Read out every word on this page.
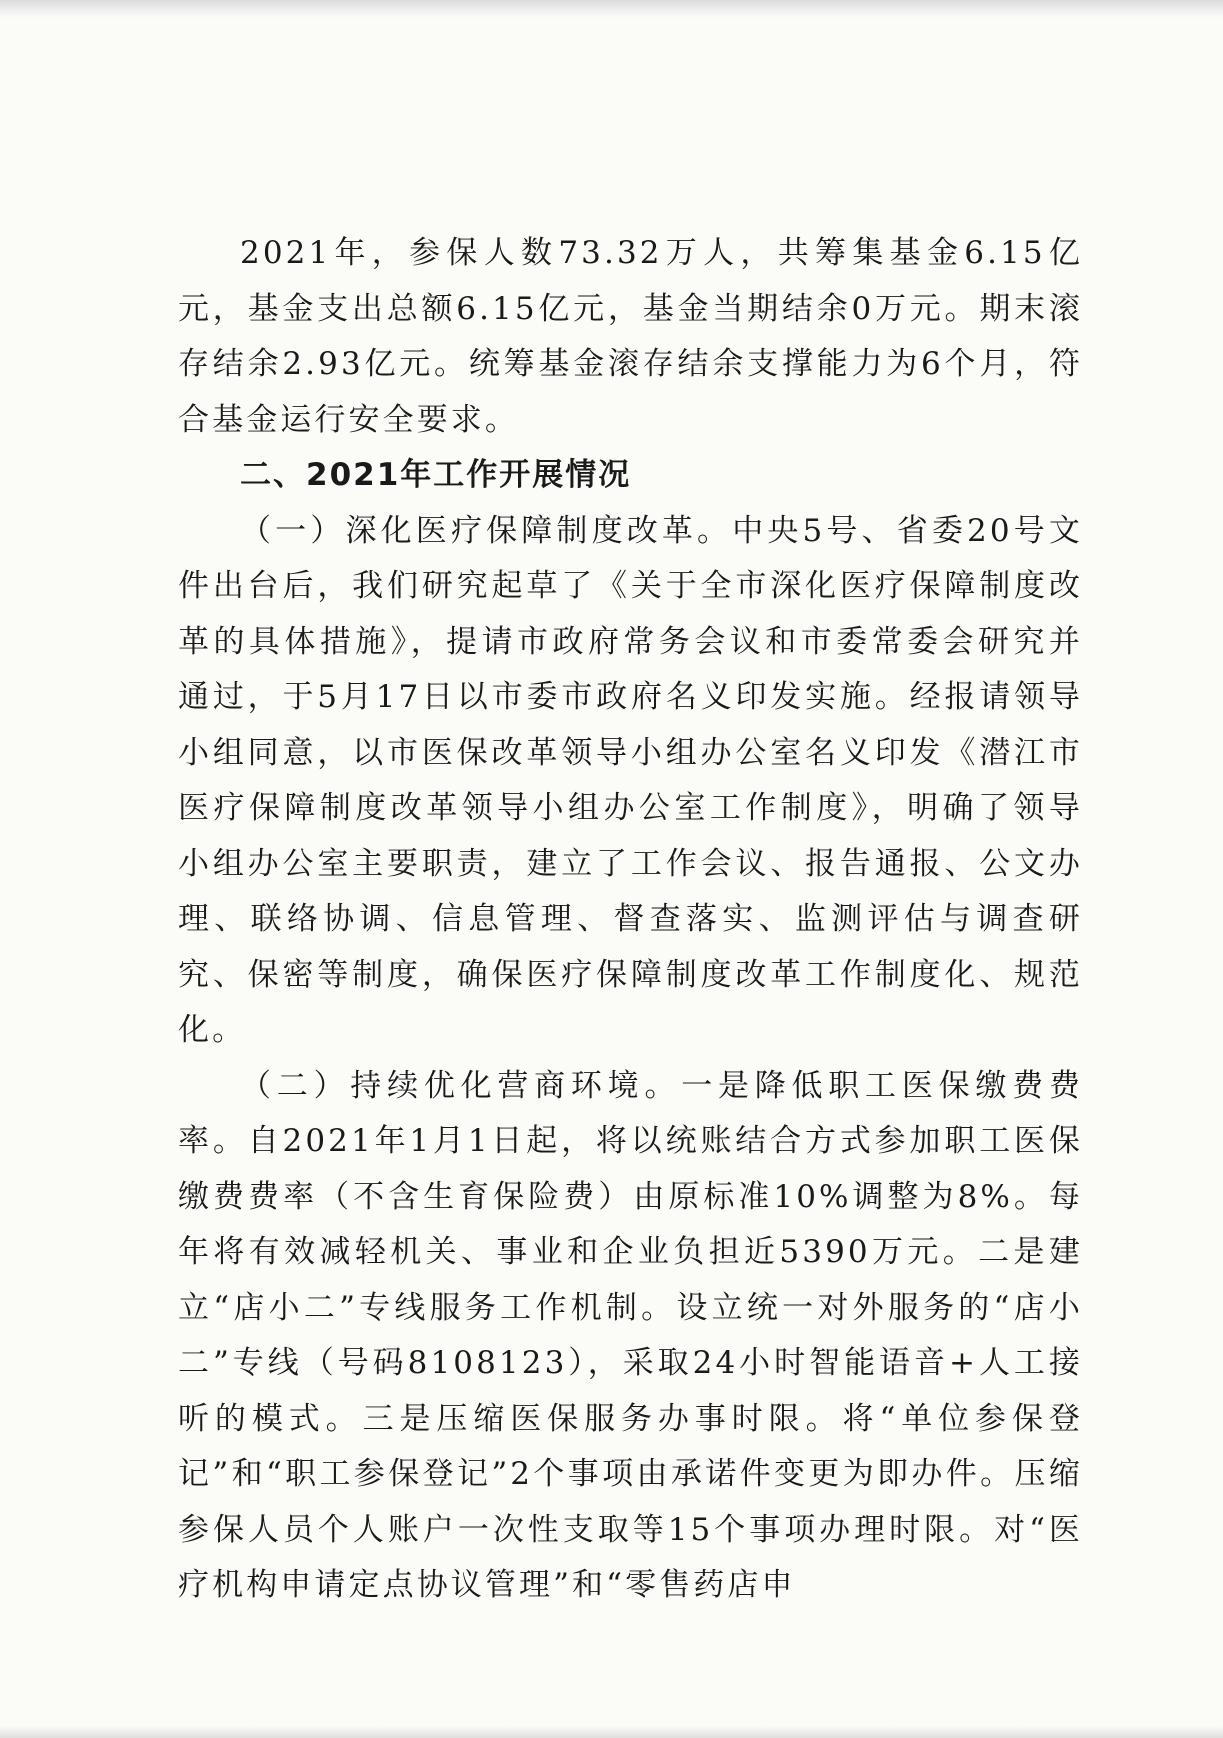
2021年，参保人数73.32万人，共筹集基金6.15亿元，基金支出总额6.15亿元，基金当期结余0万元。期末滚存结余2.93亿元。统筹基金滚存结余支撑能力为6个月，符合基金运行安全要求。

二、2021年工作开展情况

（一）深化医疗保障制度改革。中央5号、省委20号文件出台后，我们研究起草了《关于全市深化医疗保障制度改革的具体措施》，提请市政府常务会议和市委常委会研究并通过，于5月17日以市委市政府名义印发实施。经报请领导小组同意，以市医保改革领导小组办公室名义印发《潜江市医疗保障制度改革领导小组办公室工作制度》，明确了领导小组办公室主要职责，建立了工作会议、报告通报、公文办理、联络协调、信息管理、督查落实、监测评估与调查研究、保密等制度，确保医疗保障制度改革工作制度化、规范化。

（二）持续优化营商环境。一是降低职工医保缴费费率。自2021年1月1日起，将以统账结合方式参加职工医保缴费费率（不含生育保险费）由原标准10%调整为8%。每年将有效减轻机关、事业和企业负担近5390万元。二是建立“店小二”专线服务工作机制。设立统一对外服务的“店小二”专线（号码8108123），采取24小时智能语音+人工接听的模式。三是压缩医保服务办事时限。将“单位参保登记”和“职工参保登记”2个事项由承诺件变更为即办件。压缩参保人员个人账户一次性支取等15个事项办理时限。对“医疗机构申请定点协议管理”和“零售药店申
